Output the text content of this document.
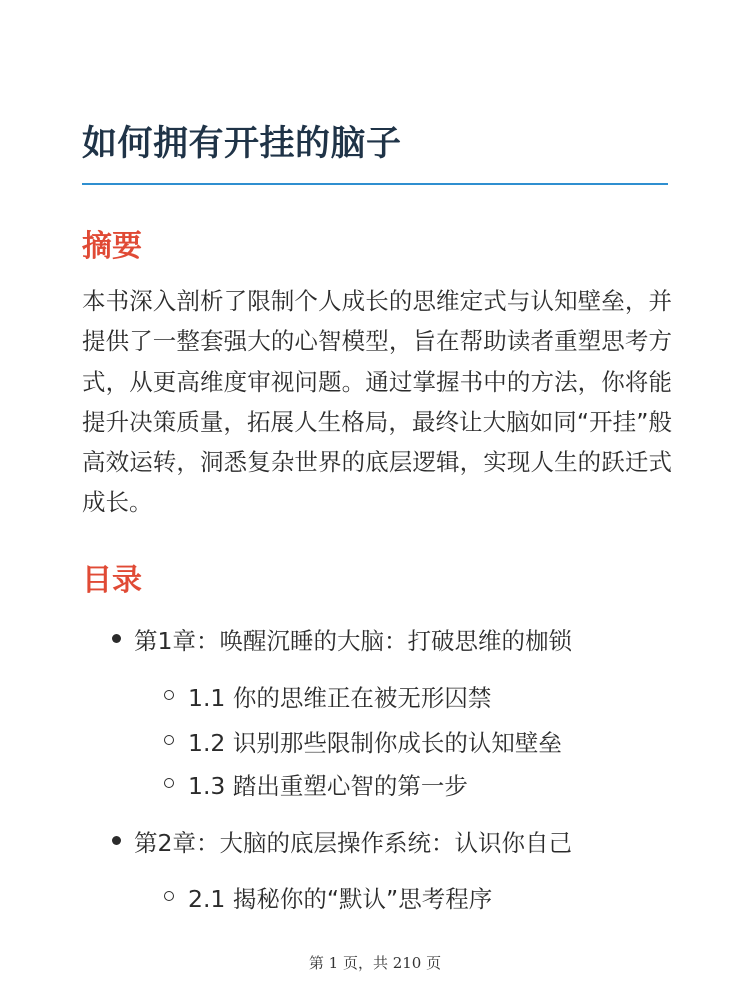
如何拥有开挂的脑子
摘要

本书深入剖析了限制个人成长的思维定式与认知壁垒，并提供了一整套强大的心智模型，旨在帮助读者重塑思考方式，从更高维度审视问题。通过掌握书中的方法，你将能提升决策质量，拓展人生格局，最终让大脑如同“开挂”般高效运转，洞悉复杂世界的底层逻辑，实现人生的跃迁式成长。

目录
第1章：唤醒沉睡的大脑：打破思维的枷锁
1.1 你的思维正在被无形囚禁
1.2 识别那些限制你成长的认知壁垒
1.3 踏出重塑心智的第一步
第2章：大脑的底层操作系统：认识你自己
2.1 揭秘你的“默认”思考程序
第 1 页，共 210 页
